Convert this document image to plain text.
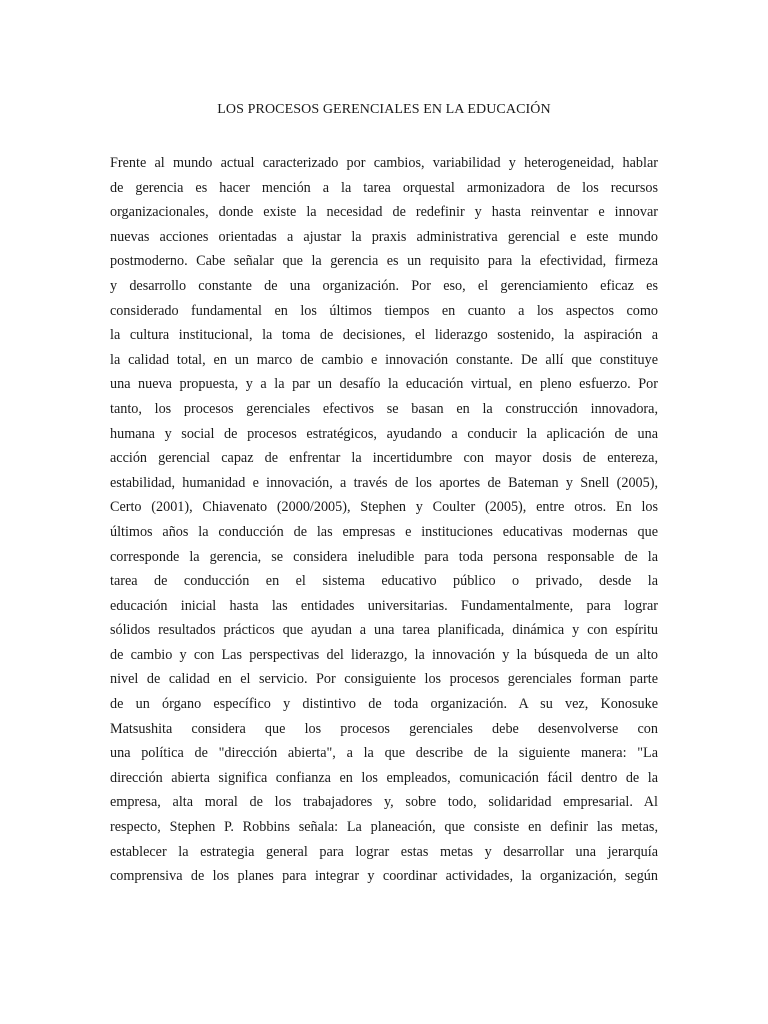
LOS PROCESOS GERENCIALES EN LA EDUCACIÓN
Frente al mundo actual caracterizado por cambios, variabilidad y heterogeneidad, hablar
de gerencia es hacer mención a la tarea orquestal armonizadora de los recursos
organizacionales, donde existe la necesidad de redefinir y hasta reinventar e innovar
nuevas acciones orientadas a ajustar la praxis administrativa gerencial e este mundo
postmoderno. Cabe señalar que la gerencia es un requisito para la efectividad, firmeza
y desarrollo constante de una organización. Por eso, el gerenciamiento eficaz es
considerado fundamental en los últimos tiempos en cuanto a los aspectos como
la cultura institucional, la toma de decisiones, el liderazgo sostenido, la aspiración a
la calidad total, en un marco de cambio e innovación constante. De allí que constituye
una nueva propuesta, y a la par un desafío la educación virtual, en pleno esfuerzo. Por
tanto, los procesos gerenciales efectivos se basan en la construcción innovadora,
humana y social de procesos estratégicos, ayudando a conducir la aplicación de una
acción gerencial capaz de enfrentar la incertidumbre con mayor dosis de entereza,
estabilidad, humanidad e innovación, a través de los aportes de Bateman y Snell (2005),
Certo (2001), Chiavenato (2000/2005), Stephen y Coulter (2005), entre otros. En los
últimos años la conducción de las empresas e instituciones educativas modernas que
corresponde la gerencia, se considera ineludible para toda persona responsable de la
tarea de conducción en el sistema educativo público o privado, desde la
educación inicial hasta las entidades universitarias. Fundamentalmente, para lograr
sólidos resultados prácticos que ayudan a una tarea planificada, dinámica y con espíritu
de cambio y con Las perspectivas del liderazgo, la innovación y la búsqueda de un alto
nivel de calidad en el servicio. Por consiguiente los procesos gerenciales forman parte
de un órgano específico y distintivo de toda organización. A su vez, Konosuke
Matsushita considera que los procesos gerenciales debe desenvolverse con
una política de "dirección abierta", a la que describe de la siguiente manera: "La
dirección abierta significa confianza en los empleados, comunicación fácil dentro de la
empresa, alta moral de los trabajadores y, sobre todo, solidaridad empresarial. Al
respecto, Stephen P. Robbins señala: La planeación, que consiste en definir las metas,
establecer la estrategia general para lograr estas metas y desarrollar una jerarquía
comprensiva de los planes para integrar y coordinar actividades, la organización, según
